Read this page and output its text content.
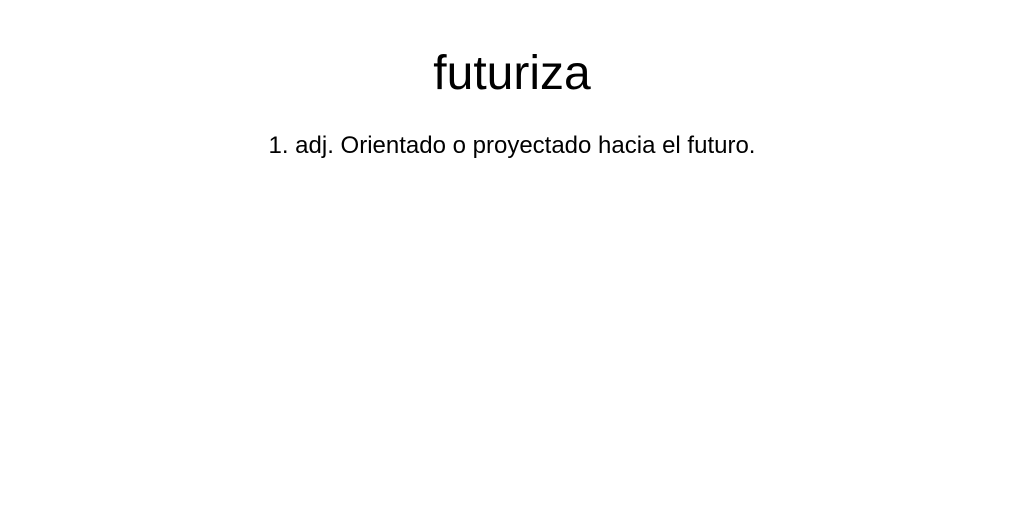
futuriza

1. adj. Orientado o proyectado hacia el futuro.
